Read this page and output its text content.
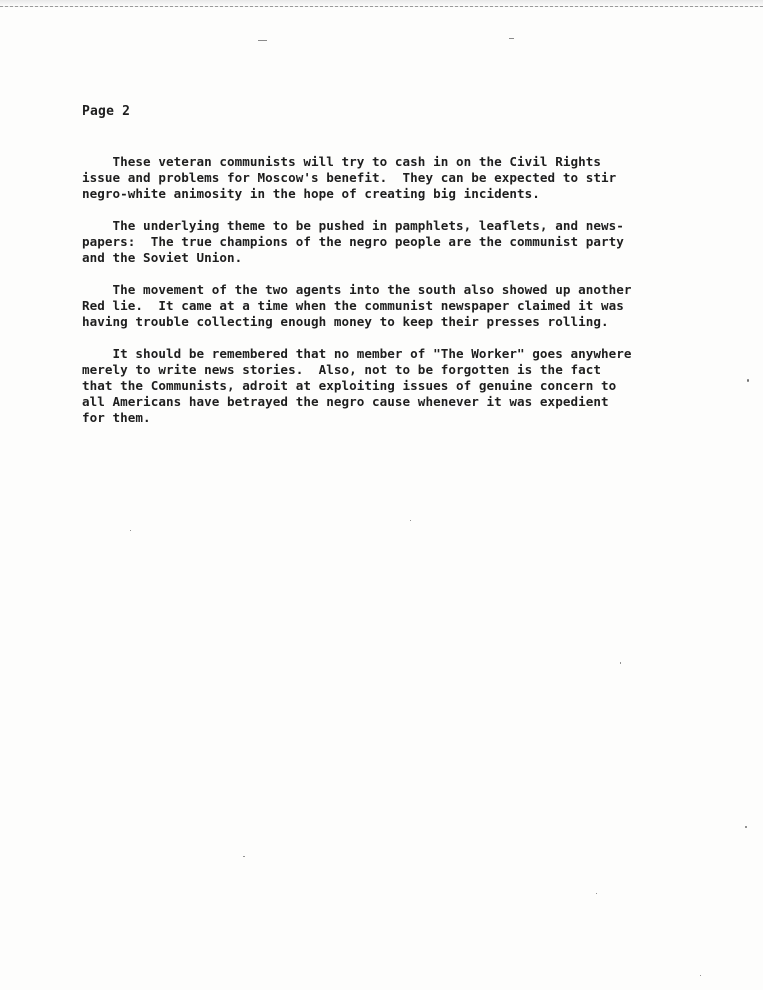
Page 2

These veteran communists will try to cash in on the Civil Rights
issue and problems for Moscow's benefit.  They can be expected to stir
negro-white animosity in the hope of creating big incidents.

The underlying theme to be pushed in pamphlets, leaflets, and news-
papers:  The true champions of the negro people are the communist party
and the Soviet Union.

The movement of the two agents into the south also showed up another
Red lie.  It came at a time when the communist newspaper claimed it was
having trouble collecting enough money to keep their presses rolling.

It should be remembered that no member of "The Worker" goes anywhere
merely to write news stories.  Also, not to be forgotten is the fact
that the Communists, adroit at exploiting issues of genuine concern to
all Americans have betrayed the negro cause whenever it was expedient
for them.
